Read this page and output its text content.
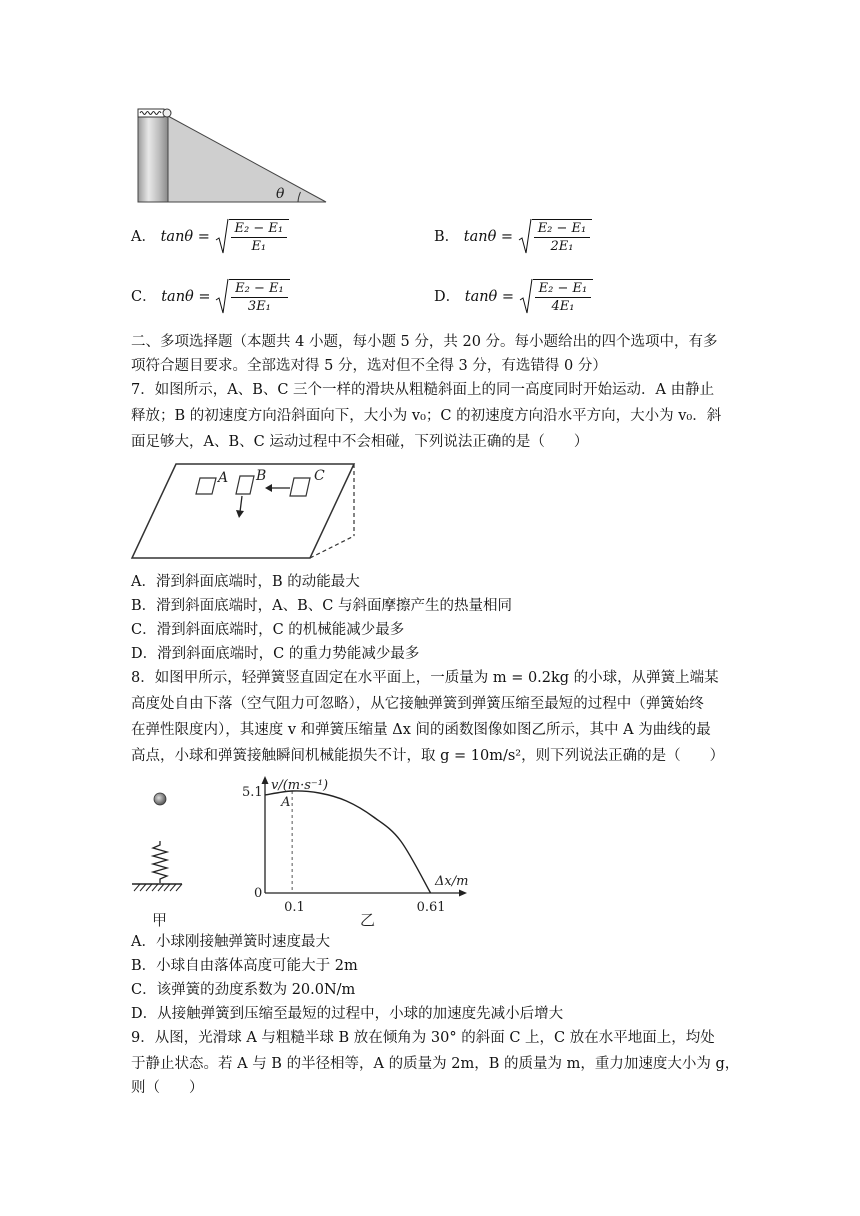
θ
A． $\tan\theta = \frac{\text{E₂ − E₁}}{\text{E₁}}$	B． $\tan\theta = \frac{\text{E₂ − E₁}}{\text{2E₁}}$
C． $\tan\theta = \frac{\text{E₂ − E₁}}{\text{3E₁}}$	D． $\tan\theta = \frac{\text{E₂ − E₁}}{\text{4E₁}}$
二、多项选择题（本题共 4 小题，每小题 5 分，共 20 分。每小题给出的四个选项中，有多
项符合题目要求。全部选对得 5 分，选对但不全得 3 分，有选错得 0 分）
7．如图所示，A、B、C 三个一样的滑块从粗糙斜面上的同一高度同时开始运动．A 由静止
释放；B 的初速度方向沿斜面向下，大小为 v₀；C 的初速度方向沿水平方向，大小为 v₀．斜
面足够大，A、B、C 运动过程中不会相碰，下列说法正确的是（　　）
A B	C
A．滑到斜面底端时，B 的动能最大
B．滑到斜面底端时，A、B、C 与斜面摩擦产生的热量相同
C．滑到斜面底端时，C 的机械能减少最多
D．滑到斜面底端时，C 的重力势能减少最多
8．如图甲所示，轻弹簧竖直固定在水平面上，一质量为 m = 0.2kg 的小球，从弹簧上端某
高度处自由下落（空气阻力可忽略），从它接触弹簧到弹簧压缩至最短的过程中（弹簧始终
在弹性限度内），其速度 v 和弹簧压缩量 Δx 间的函数图像如图乙所示，其中 A 为曲线的最
高点，小球和弹簧接触瞬间机械能损失不计，取 g = 10m/s²，则下列说法正确的是（　　）
甲
v/(m·s⁻¹)
Δx/m
0
0.1	0.61
5.1
A
乙
A．小球刚接触弹簧时速度最大
B．小球自由落体高度可能大于 2m
C．该弹簧的劲度系数为 20.0N/m
D．从接触弹簧到压缩至最短的过程中，小球的加速度先减小后增大
9．从图，光滑球 A 与粗糙半球 B 放在倾角为 30° 的斜面 C 上，C 放在水平地面上，均处
于静止状态。若 A 与 B 的半径相等，A 的质量为 2m，B 的质量为 m，重力加速度大小为 g，
则（　　）
